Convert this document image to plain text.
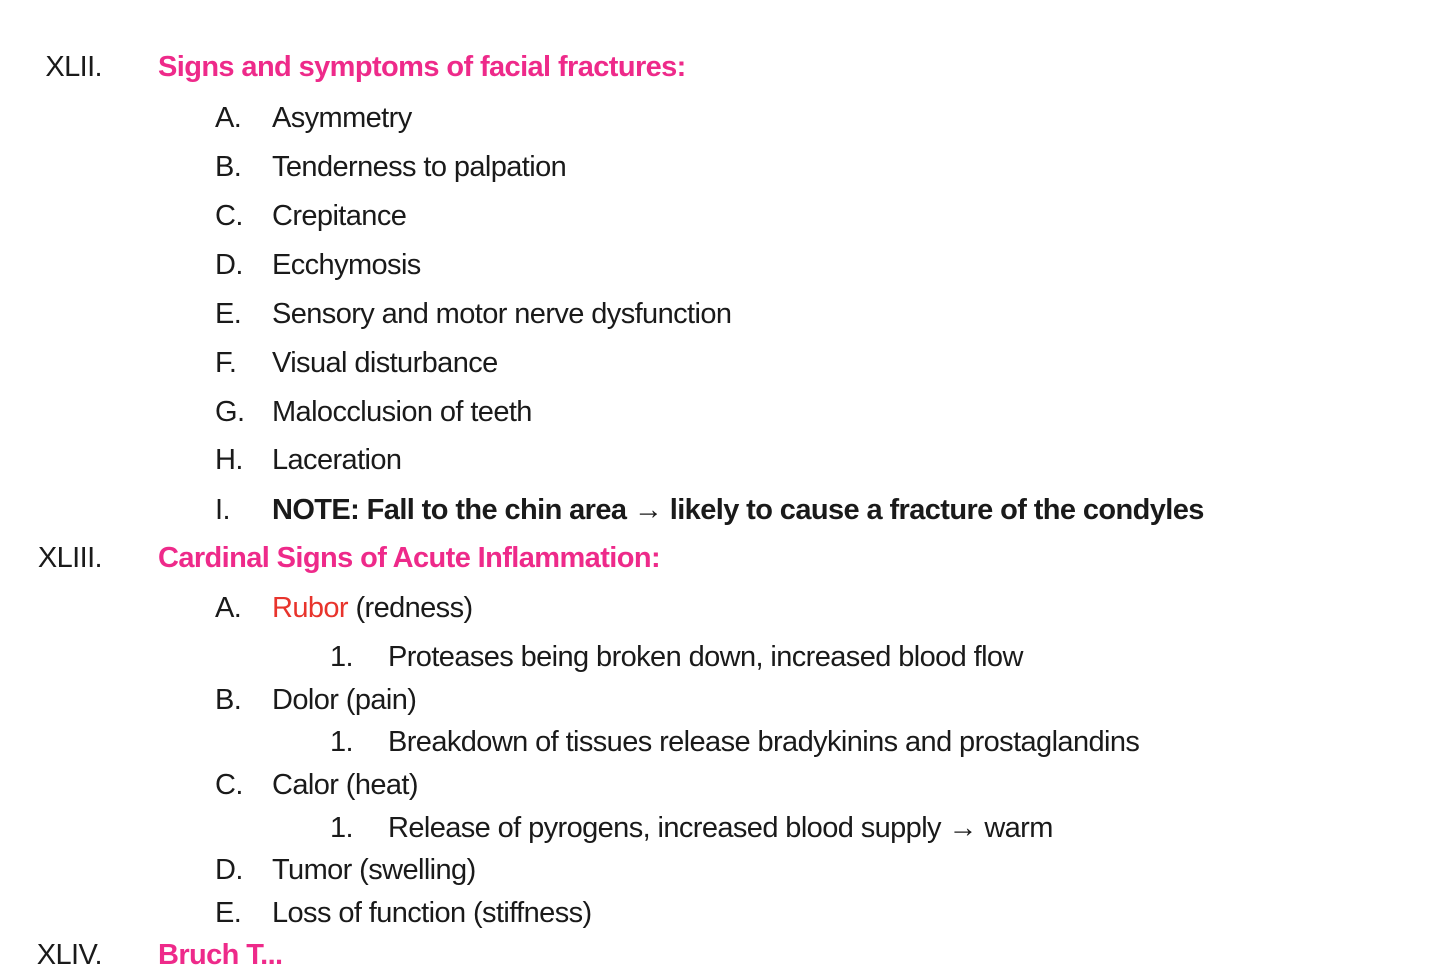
XLII. Signs and symptoms of facial fractures:
A. Asymmetry
B. Tenderness to palpation
C. Crepitance
D. Ecchymosis
E. Sensory and motor nerve dysfunction
F. Visual disturbance
G. Malocclusion of teeth
H. Laceration
I. NOTE: Fall to the chin area → likely to cause a fracture of the condyles
XLIII. Cardinal Signs of Acute Inflammation:
A. Rubor (redness)
1. Proteases being broken down, increased blood flow
B. Dolor (pain)
1. Breakdown of tissues release bradykinins and prostaglandins
C. Calor (heat)
1. Release of pyrogens, increased blood supply → warm
D. Tumor (swelling)
E. Loss of function (stiffness)
XLIV. Bruch T...
